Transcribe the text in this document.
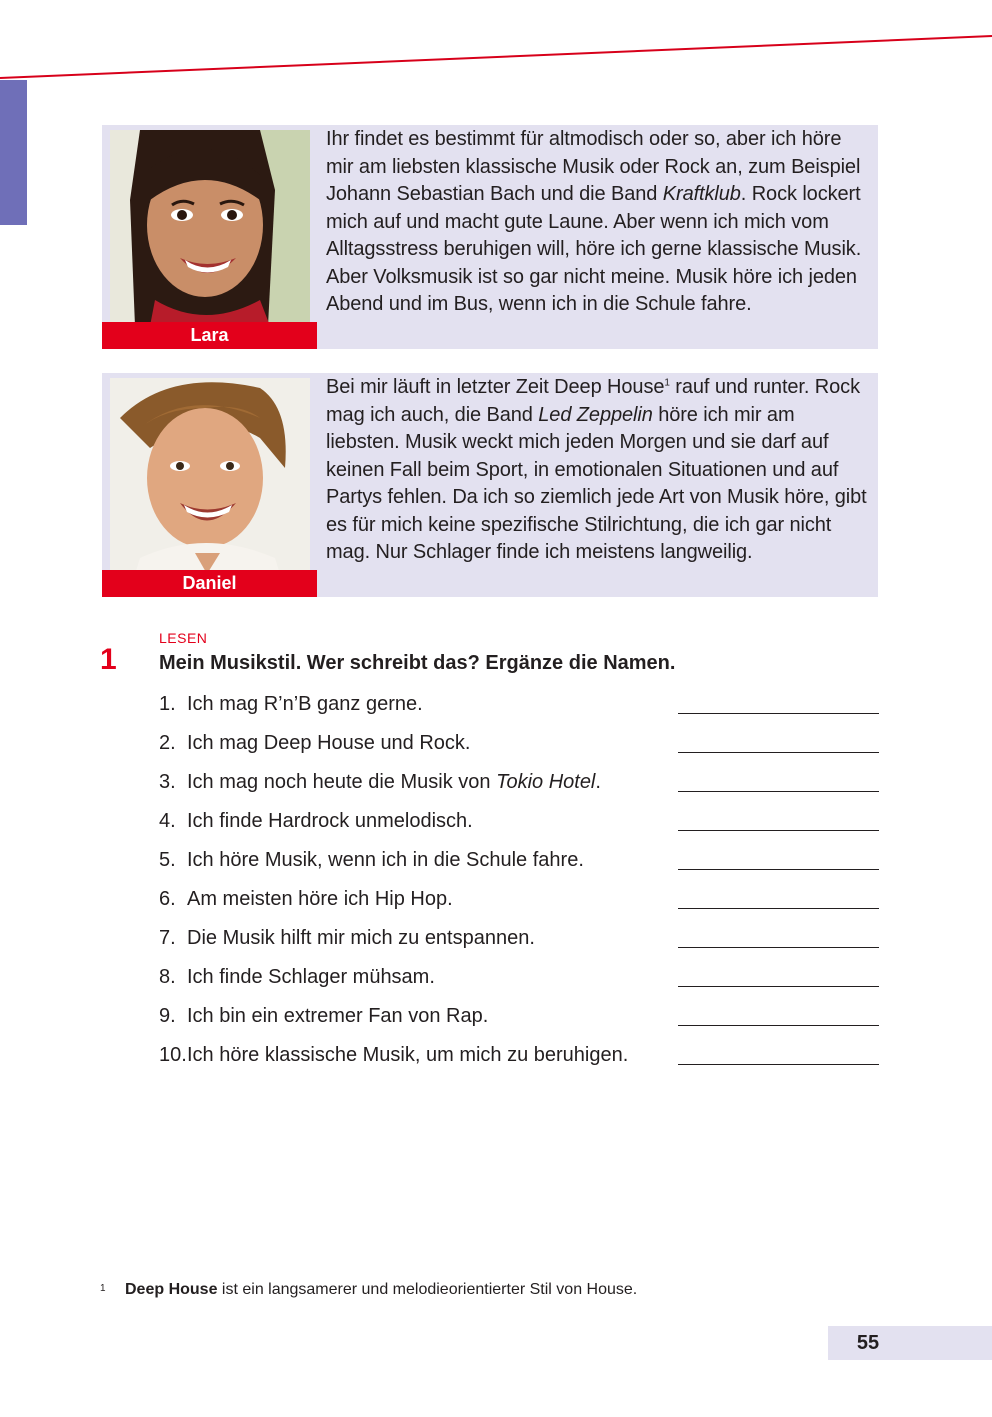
Lara

Ihr findet es bestimmt für altmodisch oder so, aber ich höre mir am liebsten klassische Musik oder Rock an, zum Beispiel Johann Sebastian Bach und die Band Kraftklub. Rock lockert mich auf und macht gute Laune. Aber wenn ich mich vom Alltagsstress beruhigen will, höre ich gerne klassische Musik. Aber Volksmusik ist so gar nicht meine. Musik höre ich jeden Abend und im Bus, wenn ich in die Schule fahre.

Daniel

Bei mir läuft in letzter Zeit Deep House$^1$ rauf und runter. Rock mag ich auch, die Band Led Zeppelin höre ich mir am liebsten. Musik weckt mich jeden Morgen und sie darf auf keinen Fall beim Sport, in emotionalen Situationen und auf Partys fehlen. Da ich so ziemlich jede Art von Musik höre, gibt es für mich keine spezifische Stilrichtung, die ich gar nicht mag. Nur Schlager finde ich meistens langweilig.

LESEN
1 Mein Musikstil. Wer schreibt das? Ergänze die Namen.
1. Ich mag R’n’B ganz gerne.
2. Ich mag Deep House und Rock.
3. Ich mag noch heute die Musik von Tokio Hotel.
4. Ich finde Hardrock unmelodisch.
5. Ich höre Musik, wenn ich in die Schule fahre.
6. Am meisten höre ich Hip Hop.
7. Die Musik hilft mir mich zu entspannen.
8. Ich finde Schlager mühsam.
9. Ich bin ein extremer Fan von Rap.
10.Ich höre klassische Musik, um mich zu beruhigen.
1 Deep House ist ein langsamerer und melodieorientierter Stil von House.
55
